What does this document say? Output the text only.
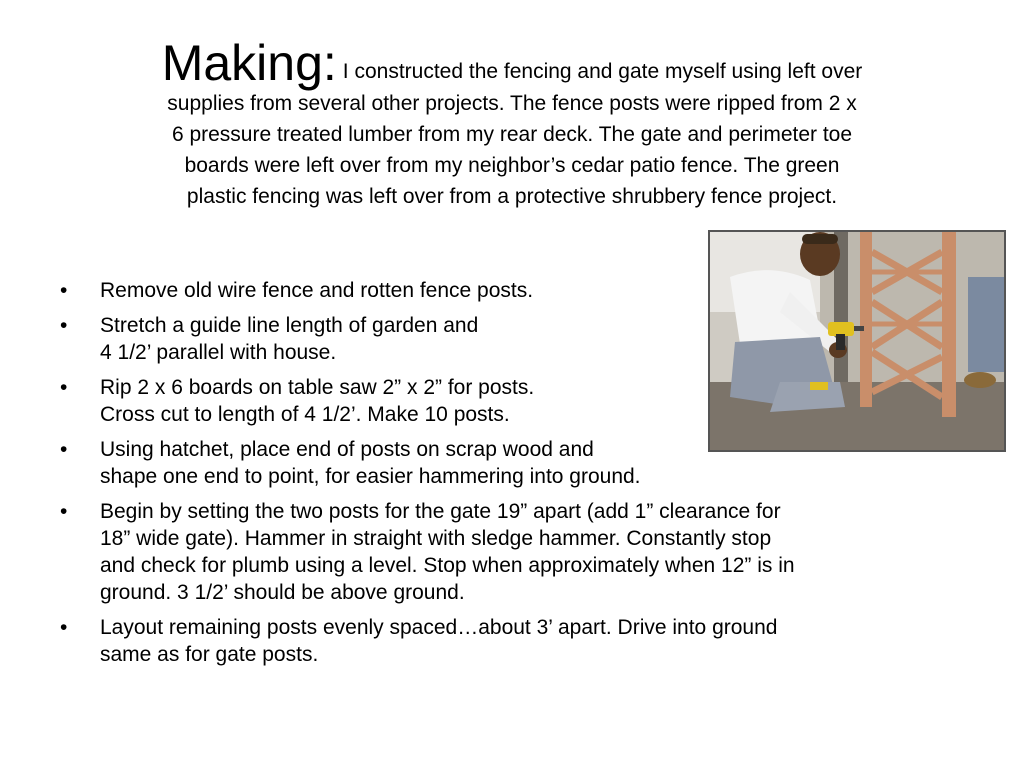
Making: I constructed the fencing and gate myself using left over
supplies from several other projects. The fence posts were ripped from 2 x
6 pressure treated lumber from my rear deck. The gate and perimeter toe
boards were left over from my neighbor’s cedar patio fence. The green
plastic fencing was left over from a protective shrubbery fence project.
• Remove old wire fence and rotten fence posts.
• Stretch a guide line length of garden and
4 1/2’ parallel with house.
• Rip 2 x 6 boards on table saw 2” x 2” for posts.
Cross cut to length of 4 1/2’. Make 10 posts.
• Using hatchet, place end of posts on scrap wood and
shape one end to point, for easier hammering into ground.
• Begin by setting the two posts for the gate 19” apart (add 1” clearance for
18” wide gate). Hammer in straight with sledge hammer. Constantly stop
and check for plumb using a level. Stop when approximately when 12” is in
ground. 3 1/2’ should be above ground.
• Layout remaining posts evenly spaced…about 3’ apart. Drive into ground
same as for gate posts.
